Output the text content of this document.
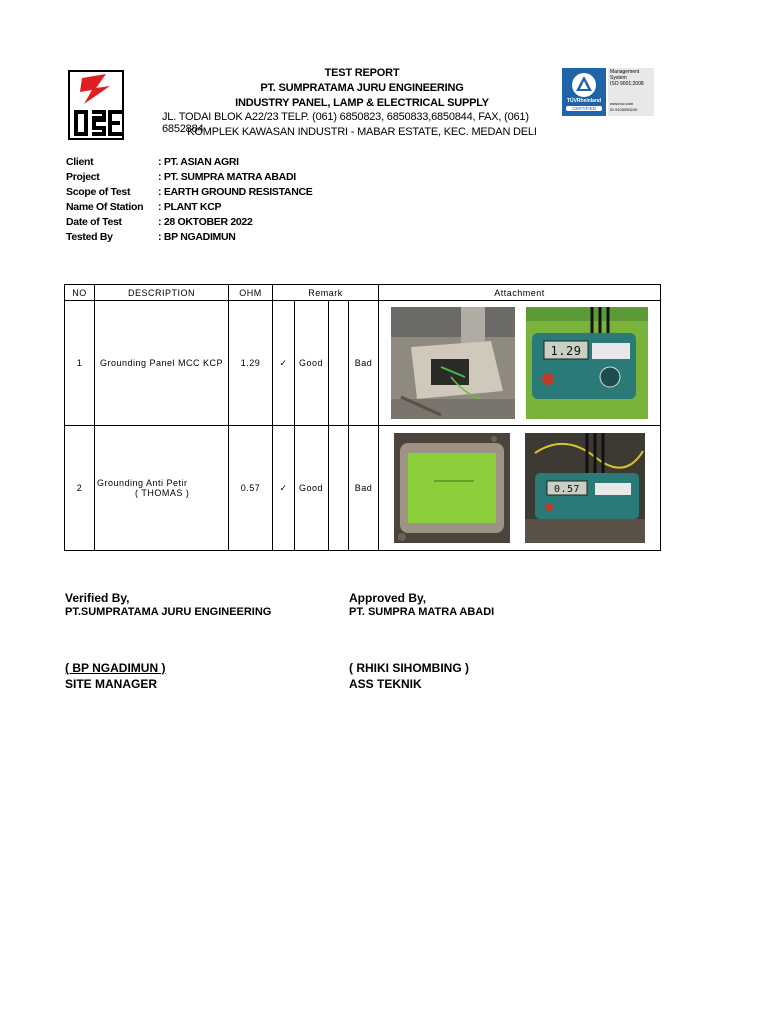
TEST REPORT
PT. SUMPRATAMA JURU ENGINEERING
INDUSTRY PANEL, LAMP & ELECTRICAL SUPPLY
JL. TODAI BLOK A22/23 TELP. (061) 6850823, 6850833,6850844, FAX, (061) 6852884
KOMPLEK KAWASAN INDUSTRI - MABAR ESTATE, KEC. MEDAN DELI
TÜVRheinland
CERTIFIED
Management
System
ISO 9001:2008
www.tuv.com
ID 9105050240
Client	: PT. ASIAN AGRI
Project	: PT. SUMPRA MATRA ABADI
Scope of Test	: EARTH GROUND RESISTANCE
Name Of Station	: PLANT KCP
Date of Test	: 28 OKTOBER 2022
Tested By	: BP NGADIMUN
NO	DESCRIPTION	OHM	Remark				Attachment
1	Grounding Panel MCC KCP	1.29	✓	Good		Bad	1.29

2	Grounding Anti Petir
( THOMAS )	0.57	✓	Good		Bad	0.57
Verified By,
PT.SUMPRATAMA JURU ENGINEERING
( BP NGADIMUN )
SITE MANAGER
Approved By,
PT. SUMPRA MATRA ABADI
( RHIKI SIHOMBING )
ASS TEKNIK
